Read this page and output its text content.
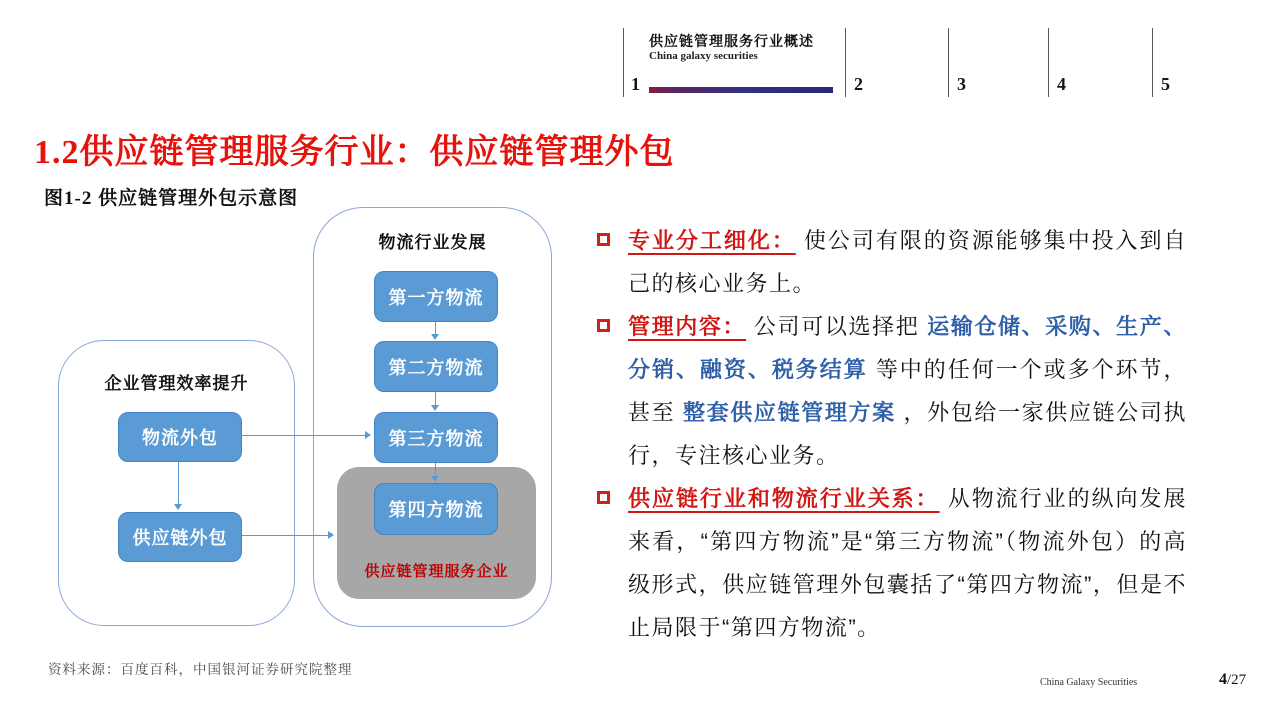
供应链管理服务行业概述
China galaxy securities
1	2	3	4	5
1.2供应链管理服务行业：供应链管理外包
图1-2 供应链管理外包示意图
企业管理效率提升
物流外包
供应链外包
物流行业发展
第一方物流
第二方物流
第三方物流
第四方物流
供应链管理服务企业

专业分工细化： 使公司有限的资源能够集中投入到自己的核心业务上。

管理内容： 公司可以选择把 运输仓储、采购、生产、分销、融资、税务结算 等中的任何一个或多个环节，甚至 整套供应链管理方案 ，外包给一家供应链公司执行，专注核心业务。

供应链行业和物流行业关系： 从物流行业的纵向发展来看，“第四方物流”是“第三方物流”（物流外包）的高级形式，供应链管理外包囊括了“第四方物流”，但是不止局限于“第四方物流”。

资料来源：百度百科，中国银河证券研究院整理
China Galaxy Securities	4/27
